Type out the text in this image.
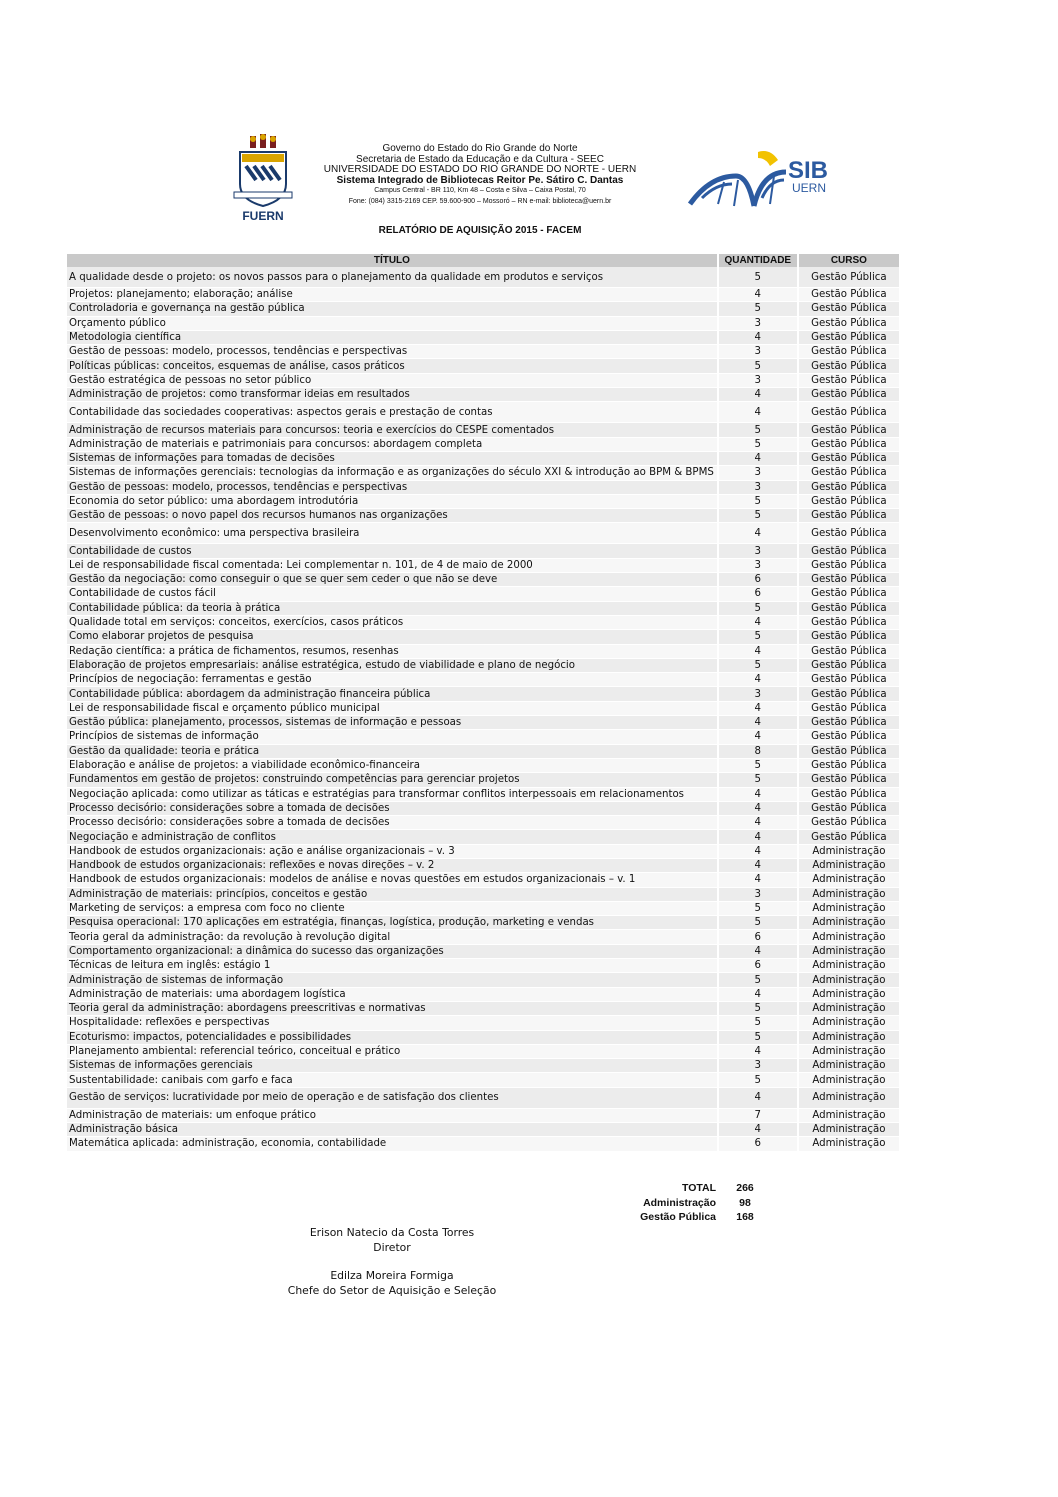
FUERN
Governo do Estado do Rio Grande do Norte
Secretaria de Estado da Educação e da Cultura - SEEC
UNIVERSIDADE DO ESTADO DO RIO GRANDE DO NORTE - UERN
Sistema Integrado de Bibliotecas Reitor Pe. Sátiro C. Dantas
Campus Central - BR 110, Km 48 – Costa e Silva – Caixa Postal, 70
Fone: (084) 3315-2169 CEP. 59.600-900 – Mossoró – RN e-mail: biblioteca@uern.br
SIB
UERN
RELATÓRIO DE AQUISIÇÃO 2015 - FACEM
TÍTULO	QUANTIDADE	CURSO
A qualidade desde o projeto: os novos passos para o planejamento da qualidade em produtos e serviços	5	Gestão Pública
Projetos: planejamento; elaboração; análise	4	Gestão Pública
Controladoria e governança na gestão pública	5	Gestão Pública
Orçamento público	3	Gestão Pública
Metodologia científica	4	Gestão Pública
Gestão de pessoas: modelo, processos, tendências e perspectivas	3	Gestão Pública
Políticas públicas: conceitos, esquemas de análise, casos práticos	5	Gestão Pública
Gestão estratégica de pessoas no setor público	3	Gestão Pública
Administração de projetos: como transformar ideias em resultados	4	Gestão Pública
Contabilidade das sociedades cooperativas: aspectos gerais e prestação de contas	4	Gestão Pública
Administração de recursos materiais para concursos: teoria e exercícios do CESPE comentados	5	Gestão Pública
Administração de materiais e patrimoniais para concursos: abordagem completa	5	Gestão Pública
Sistemas de informações para tomadas de decisões	4	Gestão Pública
Sistemas de informações gerenciais: tecnologias da informação e as organizações do século XXI & introdução ao BPM & BPMS	3	Gestão Pública
Gestão de pessoas: modelo, processos, tendências e perspectivas	3	Gestão Pública
Economia do setor público: uma abordagem introdutória	5	Gestão Pública
Gestão de pessoas: o novo papel dos recursos humanos nas organizações	5	Gestão Pública
Desenvolvimento econômico: uma perspectiva brasileira	4	Gestão Pública
Contabilidade de custos	3	Gestão Pública
Lei de responsabilidade fiscal comentada: Lei complementar n. 101, de 4 de maio de 2000	3	Gestão Pública
Gestão da negociação: como conseguir o que se quer sem ceder o que não se deve	6	Gestão Pública
Contabilidade de custos fácil	6	Gestão Pública
Contabilidade pública: da teoria à prática	5	Gestão Pública
Qualidade total em serviços: conceitos, exercícios, casos práticos	4	Gestão Pública
Como elaborar projetos de pesquisa	5	Gestão Pública
Redação científica: a prática de fichamentos, resumos, resenhas	4	Gestão Pública
Elaboração de projetos empresariais: análise estratégica, estudo de viabilidade e plano de negócio	5	Gestão Pública
Princípios de negociação: ferramentas e gestão	4	Gestão Pública
Contabilidade pública: abordagem da administração financeira pública	3	Gestão Pública
Lei de responsabilidade fiscal e orçamento público municipal	4	Gestão Pública
Gestão pública: planejamento, processos, sistemas de informação e pessoas	4	Gestão Pública
Princípios de sistemas de informação	4	Gestão Pública
Gestão da qualidade: teoria e prática	8	Gestão Pública
Elaboração e análise de projetos: a viabilidade econômico-financeira	5	Gestão Pública
Fundamentos em gestão de projetos: construindo competências para gerenciar projetos	5	Gestão Pública
Negociação aplicada: como utilizar as táticas e estratégias para transformar conflitos interpessoais em relacionamentos	4	Gestão Pública
Processo decisório: considerações sobre a tomada de decisões	4	Gestão Pública
Processo decisório: considerações sobre a tomada de decisões	4	Gestão Pública
Negociação e administração de conflitos	4	Gestão Pública
Handbook de estudos organizacionais: ação e análise organizacionais – v. 3	4	Administração
Handbook de estudos organizacionais: reflexões e novas direções – v. 2	4	Administração
Handbook de estudos organizacionais: modelos de análise e novas questões em estudos organizacionais – v. 1	4	Administração
Administração de materiais: princípios, conceitos e gestão	3	Administração
Marketing de serviços: a empresa com foco no cliente	5	Administração
Pesquisa operacional: 170 aplicações em estratégia, finanças, logística, produção, marketing e vendas	5	Administração
Teoria geral da administração: da revolução à revolução digital	6	Administração
Comportamento organizacional: a dinâmica do sucesso das organizações	4	Administração
Técnicas de leitura em inglês: estágio 1	6	Administração
Administração de sistemas de informação	5	Administração
Administração de materiais: uma abordagem logística	4	Administração
Teoria geral da administração: abordagens preescritivas e normativas	5	Administração
Hospitalidade: reflexões e perspectivas	5	Administração
Ecoturismo: impactos, potencialidades e possibilidades	5	Administração
Planejamento ambiental: referencial teórico, conceitual e prático	4	Administração
Sistemas de informações gerenciais	3	Administração
Sustentabilidade: canibais com garfo e faca	5	Administração
Gestão de serviços: lucratividade por meio de operação e de satisfação dos clientes	4	Administração
Administração de materiais: um enfoque prático	7	Administração
Administração básica	4	Administração
Matemática aplicada: administração, economia, contabilidade	6	Administração
TOTAL	266
Administração	98
Gestão Pública	168
Erison Natecio da Costa Torres
Diretor
Edilza Moreira Formiga
Chefe do Setor de Aquisição e Seleção
